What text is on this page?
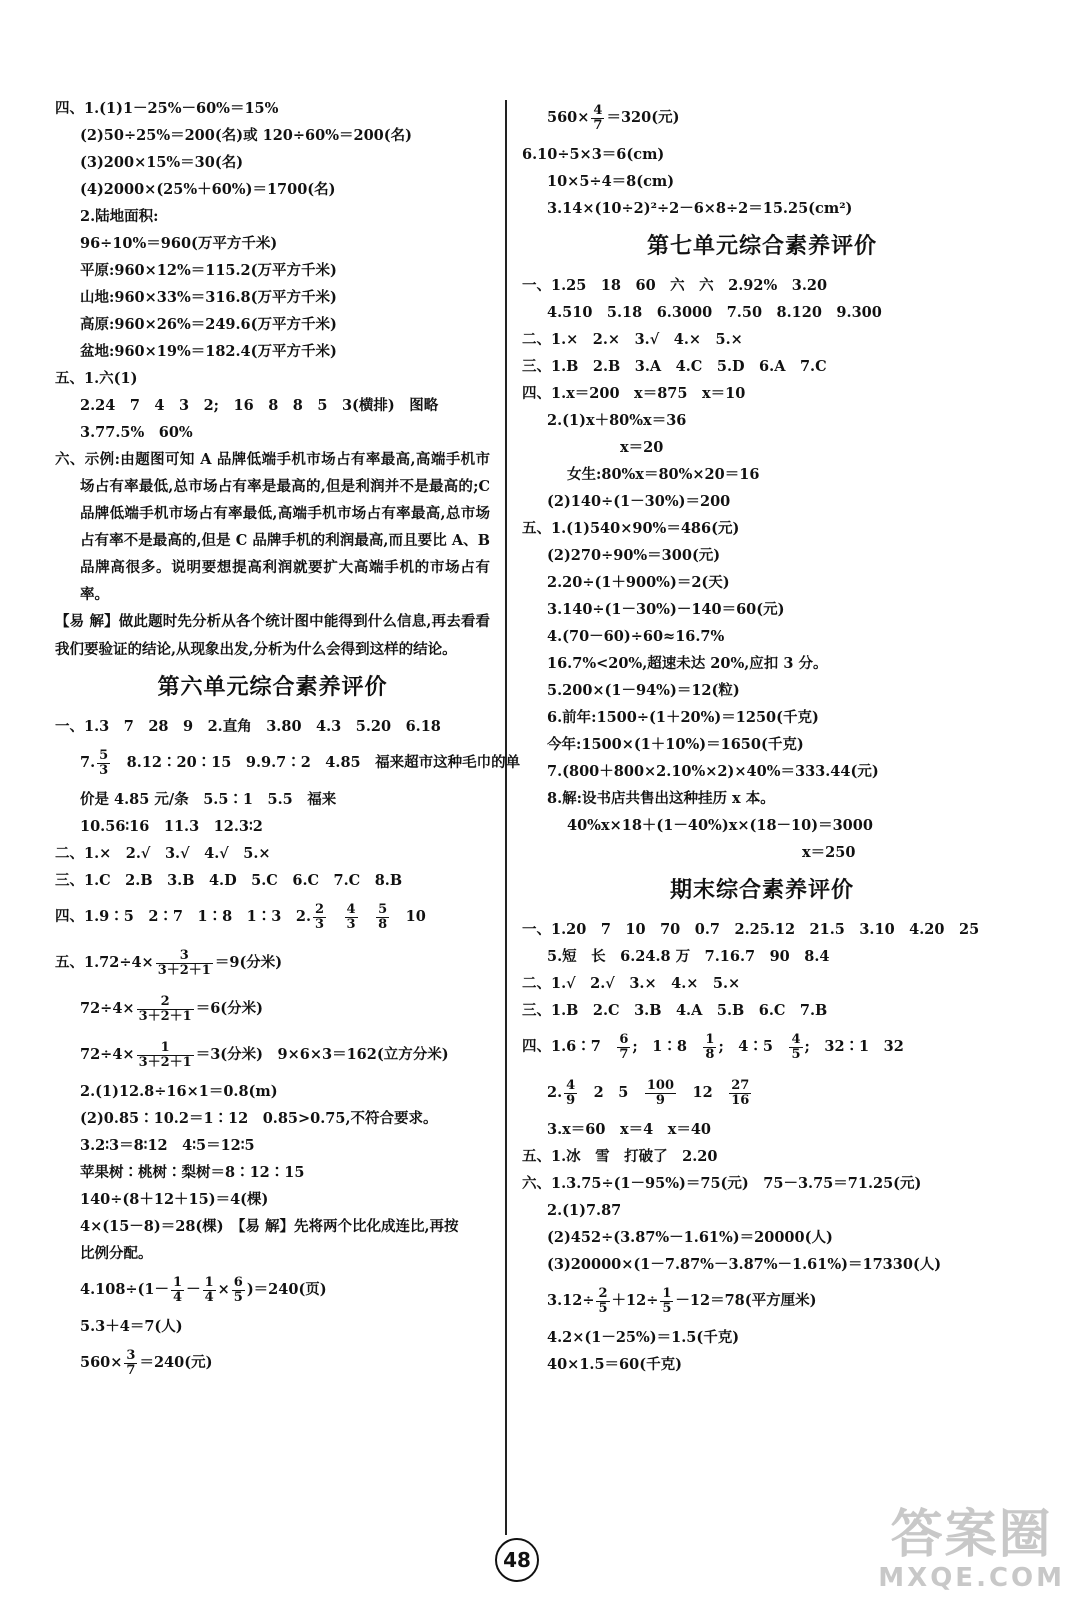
四、1.(1)1－25%－60%＝15%
(2)50÷25%＝200(名)或 120÷60%＝200(名)
(3)200×15%＝30(名)
(4)2000×(25%＋60%)＝1700(名)
2.陆地面积:
96÷10%＝960(万平方千米)
平原:960×12%＝115.2(万平方千米)
山地:960×33%＝316.8(万平方千米)
高原:960×26%＝249.6(万平方千米)
盆地:960×19%＝182.4(万平方千米)
五、1.六(1)
2.24　7　4　3　2;　16　8　8　5　3(横排)　图略
3.77.5%　60%
六、示例:由题图可知 A 品牌低端手机市场占有率最高,高端手机市场占有率最低,总市场占有率是最高的,但是利润并不是最高的;C 品牌低端手机市场占有率最低,高端手机市场占有率最高,总市场占有率不是最高的,但是 C 品牌手机的利润最高,而且要比 A、B 品牌高很多。说明要想提高利润就要扩大高端手机的市场占有率。
【易 解】做此题时先分析从各个统计图中能得到什么信息,再去看看我们要验证的结论,从现象出发,分析为什么会得到这样的结论。
第六单元综合素养评价
一、1.3　7　28　9　2.直角　3.80　4.3　5.20　6.18
7. $\frac{5}{3}$ 　8.12∶20∶15　9.9.7∶2　4.85　福来超市这种毛巾的单
价是 4.85 元/条　5.5∶1　5.5　福来
10.56∶16　11.3　12.3∶2
二、1.×　2.√　3.√　4.√　5.×
三、1.C　2.B　3.B　4.D　5.C　6.C　7.C　8.B
四、1.9∶5　2∶7　1∶8　1∶3　2. $\frac{2}{3}$
　 $\frac{4}{3}$
　 $\frac{5}{8}$
　 10
五、$1.72\div 4\times \frac{3}{3+2+1} =9$(分米)
$72\div 4\times \frac{2}{3+2+1} =6$(分米)
$72\div 4\times \frac{1}{3+2+1} =3$(分米)　9×6×3＝162(立方分米)
2.(1)12.8÷16×1＝0.8(m)
(2)0.85∶10.2＝1∶12　0.85>0.75,不符合要求。
3.2∶3＝8∶12　4∶5＝12∶5
苹果树∶桃树∶梨树＝8∶12∶15
140÷(8＋12＋15)＝4(棵)
4×(15－8)＝28(棵)　 【易 解】先将两个比化成连比,再按
比例分配。
$4.108\div(1- \frac{1}{4} - \frac{1}{4} \times \frac{6}{5} )=240$(页)
5.3＋4＝7(人)
$560\times \frac{3}{7} =240$(元)
$560\times \frac{4}{7} =320$(元)
6.10÷5×3＝6(cm)
10×5÷4＝8(cm)
3.14×(10÷2)²÷2－6×8÷2＝15.25(cm²)
第七单元综合素养评价
一、1.25　18　60　六　六　2.92%　3.20
4.510　5.18　6.3000　7.50　8.120　9.300
二、1.×　2.×　3.√　4.×　5.×
三、1.B　2.B　3.A　4.C　5.D　6.A　7.C
四、1.x＝200　x＝875　x＝10
2.(1)x＋80%x＝36
x＝20
女生:80%x＝80%×20＝16
(2)140÷(1－30%)＝200
五、1.(1)540×90%＝486(元)
(2)270÷90%＝300(元)
2.20÷(1＋900%)＝2(天)
3.140÷(1－30%)－140＝60(元)
4.(70－60)÷60≈16.7%
16.7%<20%,超速未达 20%,应扣 3 分。
5.200×(1－94%)＝12(粒)
6.前年:1500÷(1＋20%)＝1250(千克)
今年:1500×(1＋10%)＝1650(千克)
7.(800＋800×2.10%×2)×40%＝333.44(元)
8.解:设书店共售出这种挂历 x 本。
40%x×18＋(1－40%)x×(18－10)＝3000
x＝250
期末综合素养评价
一、1.20　7　10　70　0.7　2.25.12　21.5　3.10　4.20　25
5.短　长　6.24.8 万　7.16.7　90　8.4
二、1.√　2.√　3.×　4.×　5.×
三、1.B　2.C　3.B　4.A　5.B　6.C　7.B
四、1.6∶7　 $\frac{6}{7}$ ;　1∶8　 $\frac{1}{8}$ ;　4∶5　 $\frac{4}{5}$ ;　32∶1　32
2. $\frac{4}{9}$ 　2　5　 $\frac{100}{9}$ 　12　 $\frac{27}{16}$
3.x＝60　x＝4　x＝40
五、1.冰　雪　打破了　2.20
六、1.3.75÷(1－95%)＝75(元)　75－3.75＝71.25(元)
2.(1)7.87
(2)452÷(3.87%－1.61%)＝20000(人)
(3)20000×(1－7.87%－3.87%－1.61%)＝17330(人)
$3.12\div \frac{2}{5} +12\div \frac{1}{5} -12=78$(平方厘米)
4.2×(1－25%)＝1.5(千克)
40×1.5＝60(千克)
48	答案圈
MXQE.COM
